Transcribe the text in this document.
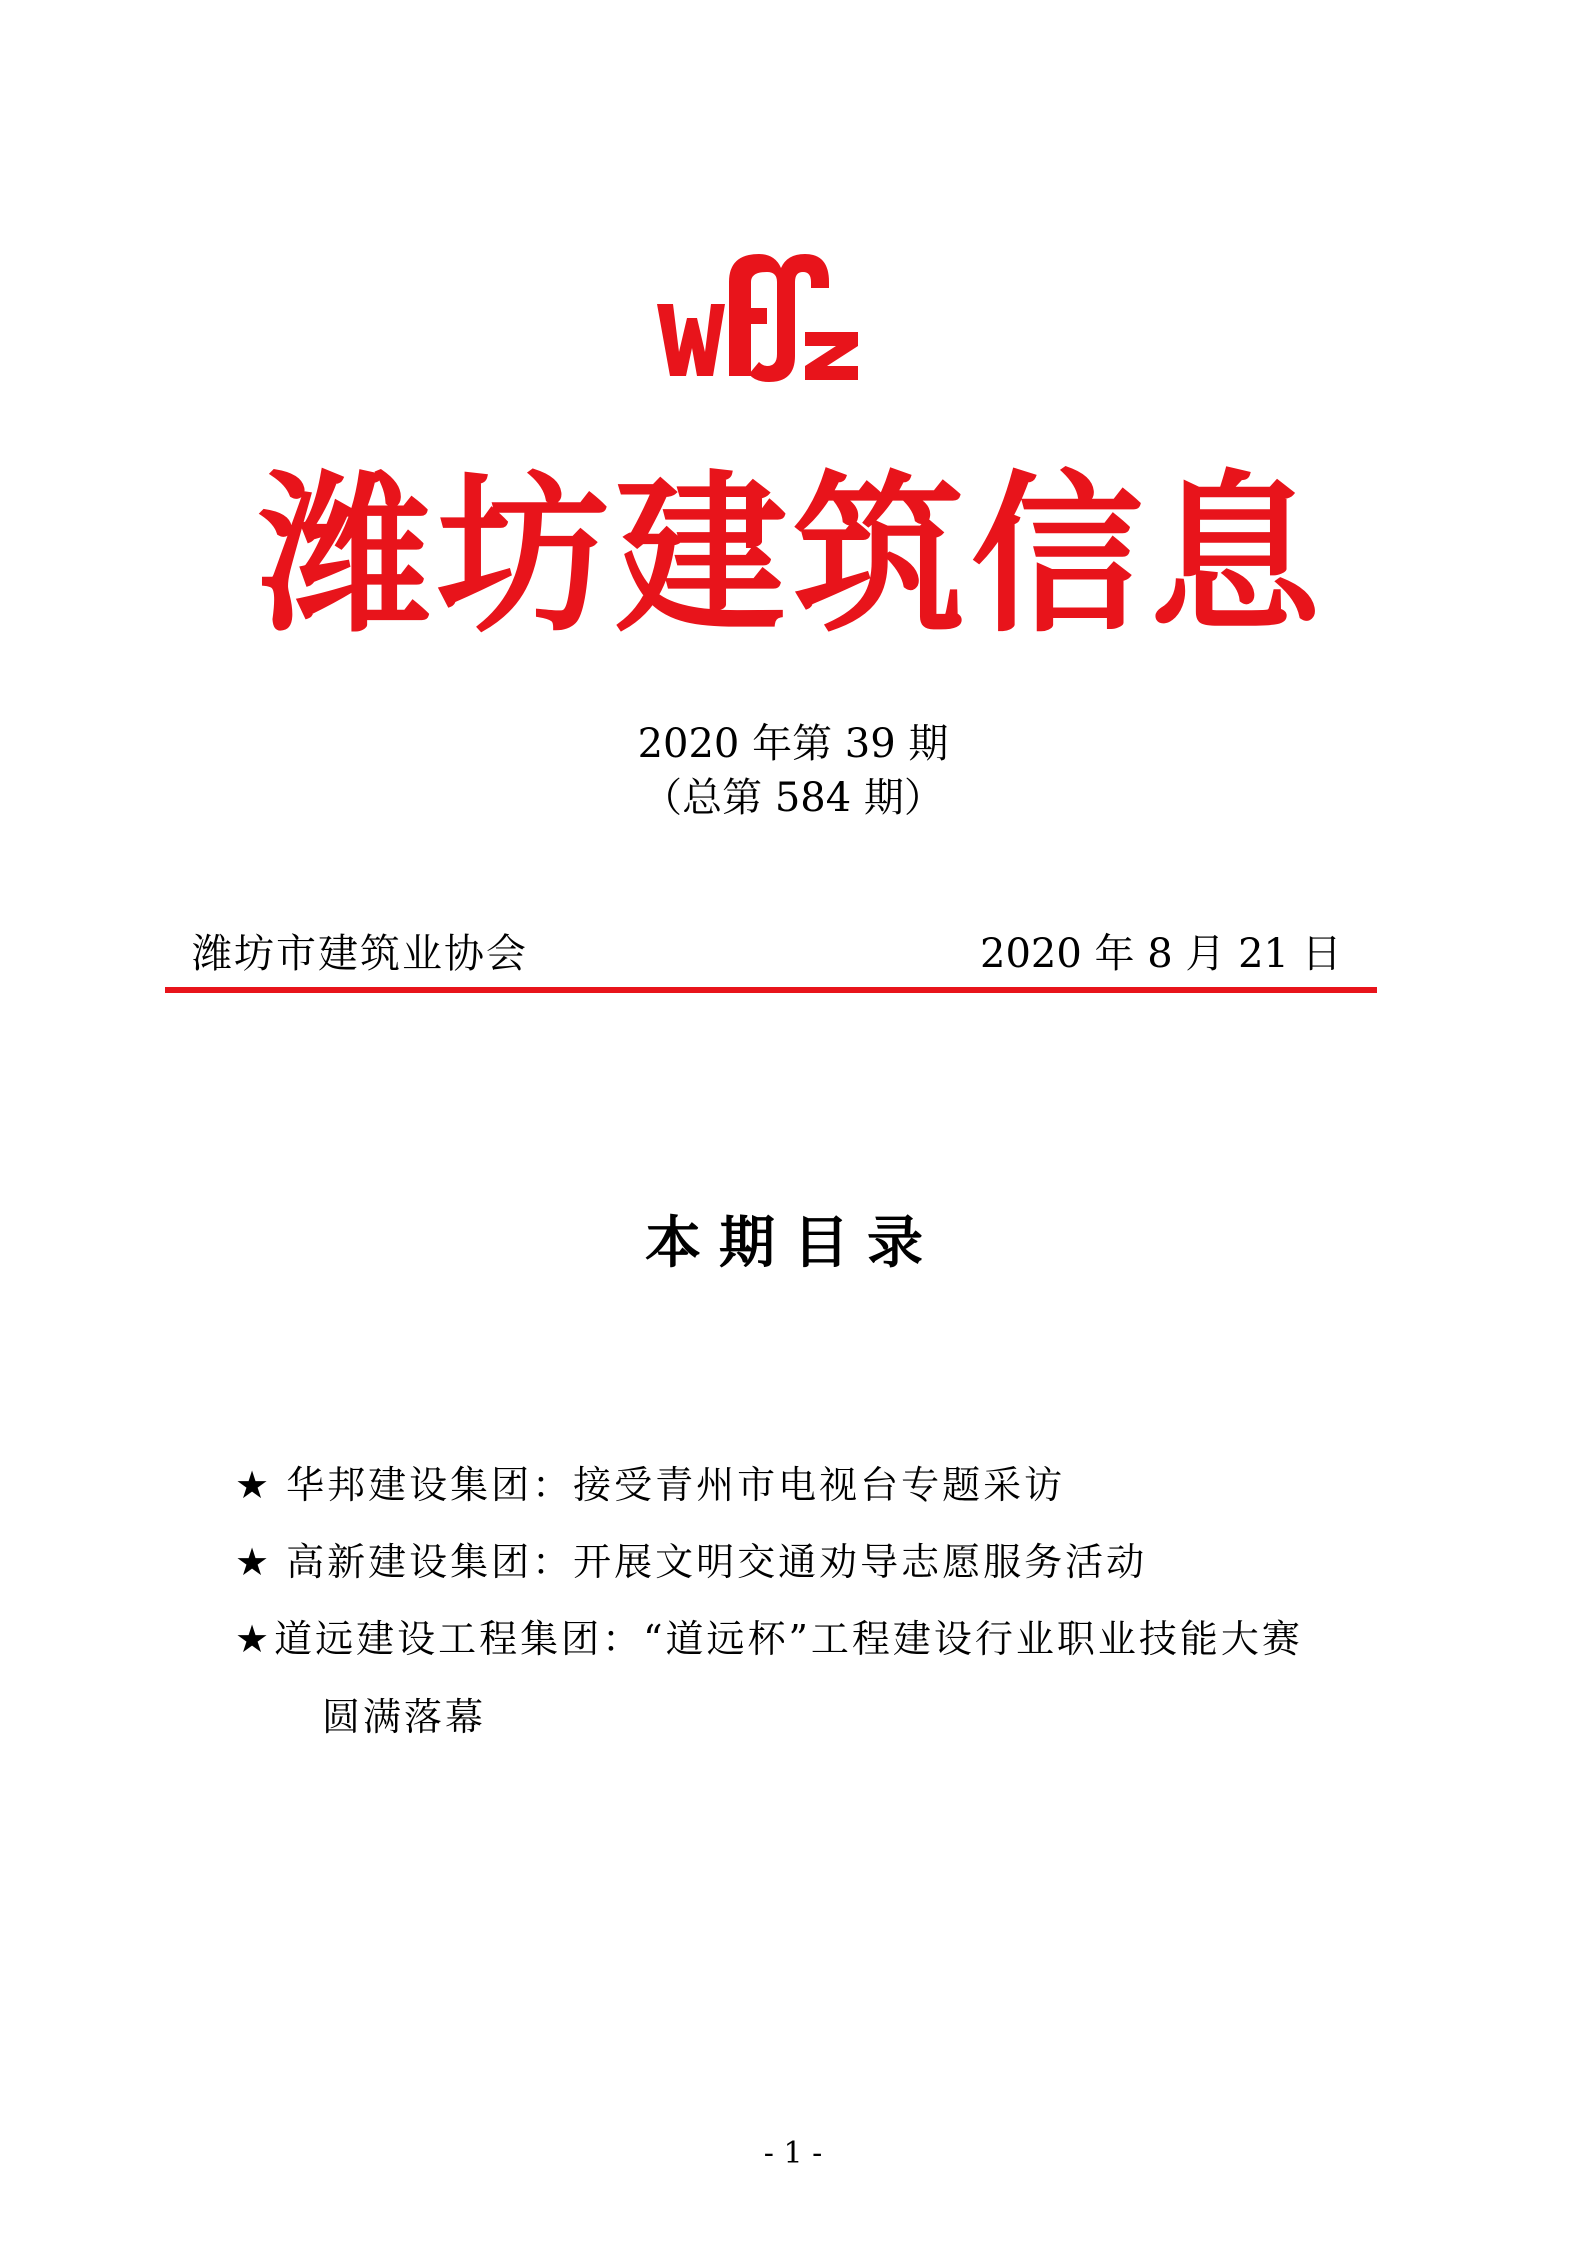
潍坊建筑信息
2020 年第 39 期
（总第 584 期）
潍坊市建筑业协会	2020 年 8 月 21 日
本期目录
★ 华邦建设集团：接受青州市电视台专题采访
★ 高新建设集团：开展文明交通劝导志愿服务活动
★道远建设工程集团：“道远杯”工程建设行业职业技能大赛
圆满落幕
- 1 -
